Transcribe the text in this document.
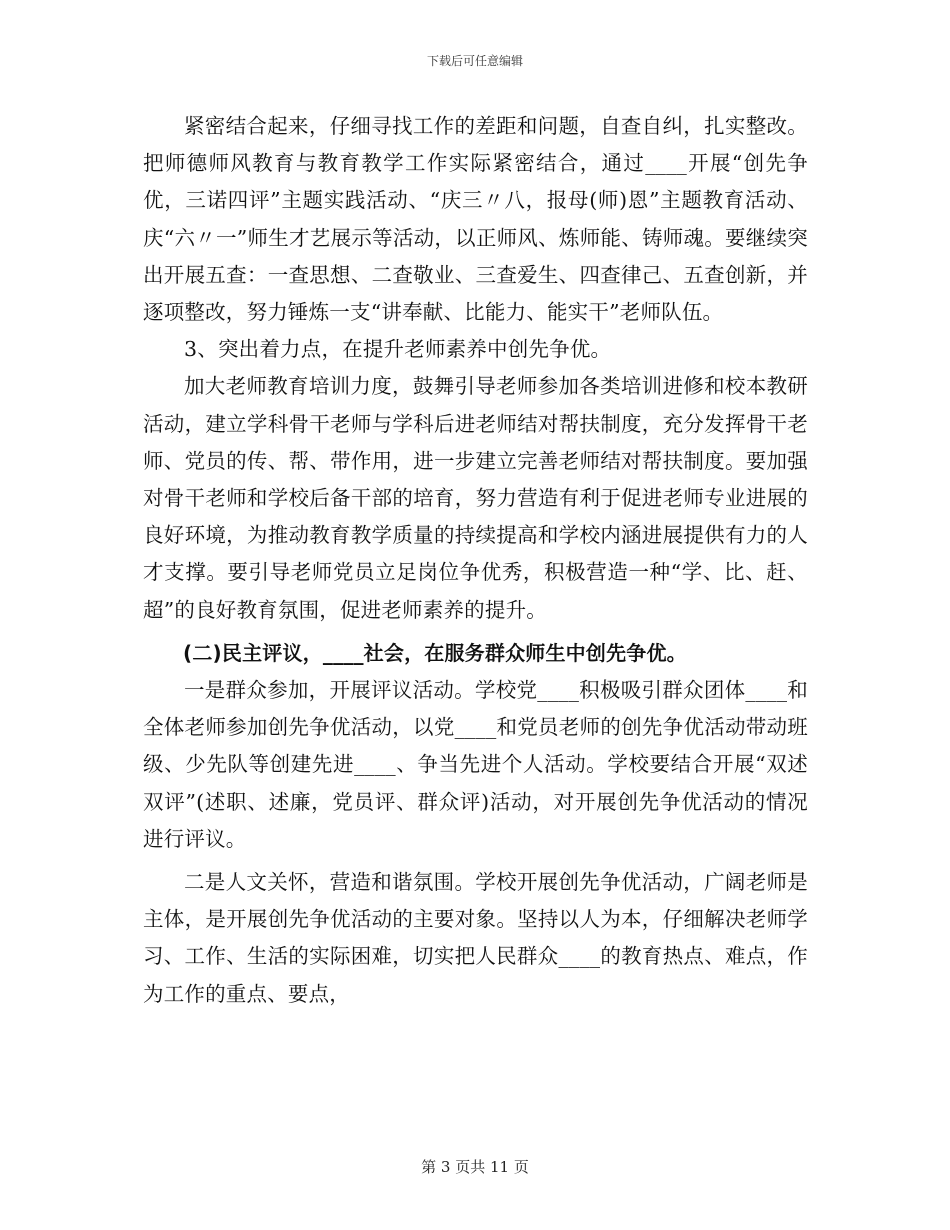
下载后可任意编辑

紧密结合起来，仔细寻找工作的差距和问题，自查自纠，扎实整改。把师德师风教育与教育教学工作实际紧密结合，通过____开展“创先争优，三诺四评”主题实践活动、“庆三〃八，报母(师)恩”主题教育活动、庆“六〃一”师生才艺展示等活动，以正师风、炼师能、铸师魂。要继续突出开展五查：一查思想、二查敬业、三查爱生、四查律己、五查创新，并逐项整改，努力锤炼一支“讲奉献、比能力、能实干”老师队伍。

3、突出着力点，在提升老师素养中创先争优。

加大老师教育培训力度，鼓舞引导老师参加各类培训进修和校本教研活动，建立学科骨干老师与学科后进老师结对帮扶制度，充分发挥骨干老师、党员的传、帮、带作用，进一步建立完善老师结对帮扶制度。要加强对骨干老师和学校后备干部的培育，努力营造有利于促进老师专业进展的良好环境，为推动教育教学质量的持续提高和学校内涵进展提供有力的人才支撑。要引导老师党员立足岗位争优秀，积极营造一种“学、比、赶、超”的良好教育氛围，促进老师素养的提升。

(二)民主评议，____社会，在服务群众师生中创先争优。

一是群众参加，开展评议活动。学校党____积极吸引群众团体____和全体老师参加创先争优活动，以党____和党员老师的创先争优活动带动班级、少先队等创建先进____、争当先进个人活动。学校要结合开展“双述双评”(述职、述廉，党员评、群众评)活动，对开展创先争优活动的情况进行评议。

二是人文关怀，营造和谐氛围。学校开展创先争优活动，广阔老师是主体，是开展创先争优活动的主要对象。坚持以人为本，仔细解决老师学习、工作、生活的实际困难，切实把人民群众____的教育热点、难点，作为工作的重点、要点，

第 3 页共 11 页
